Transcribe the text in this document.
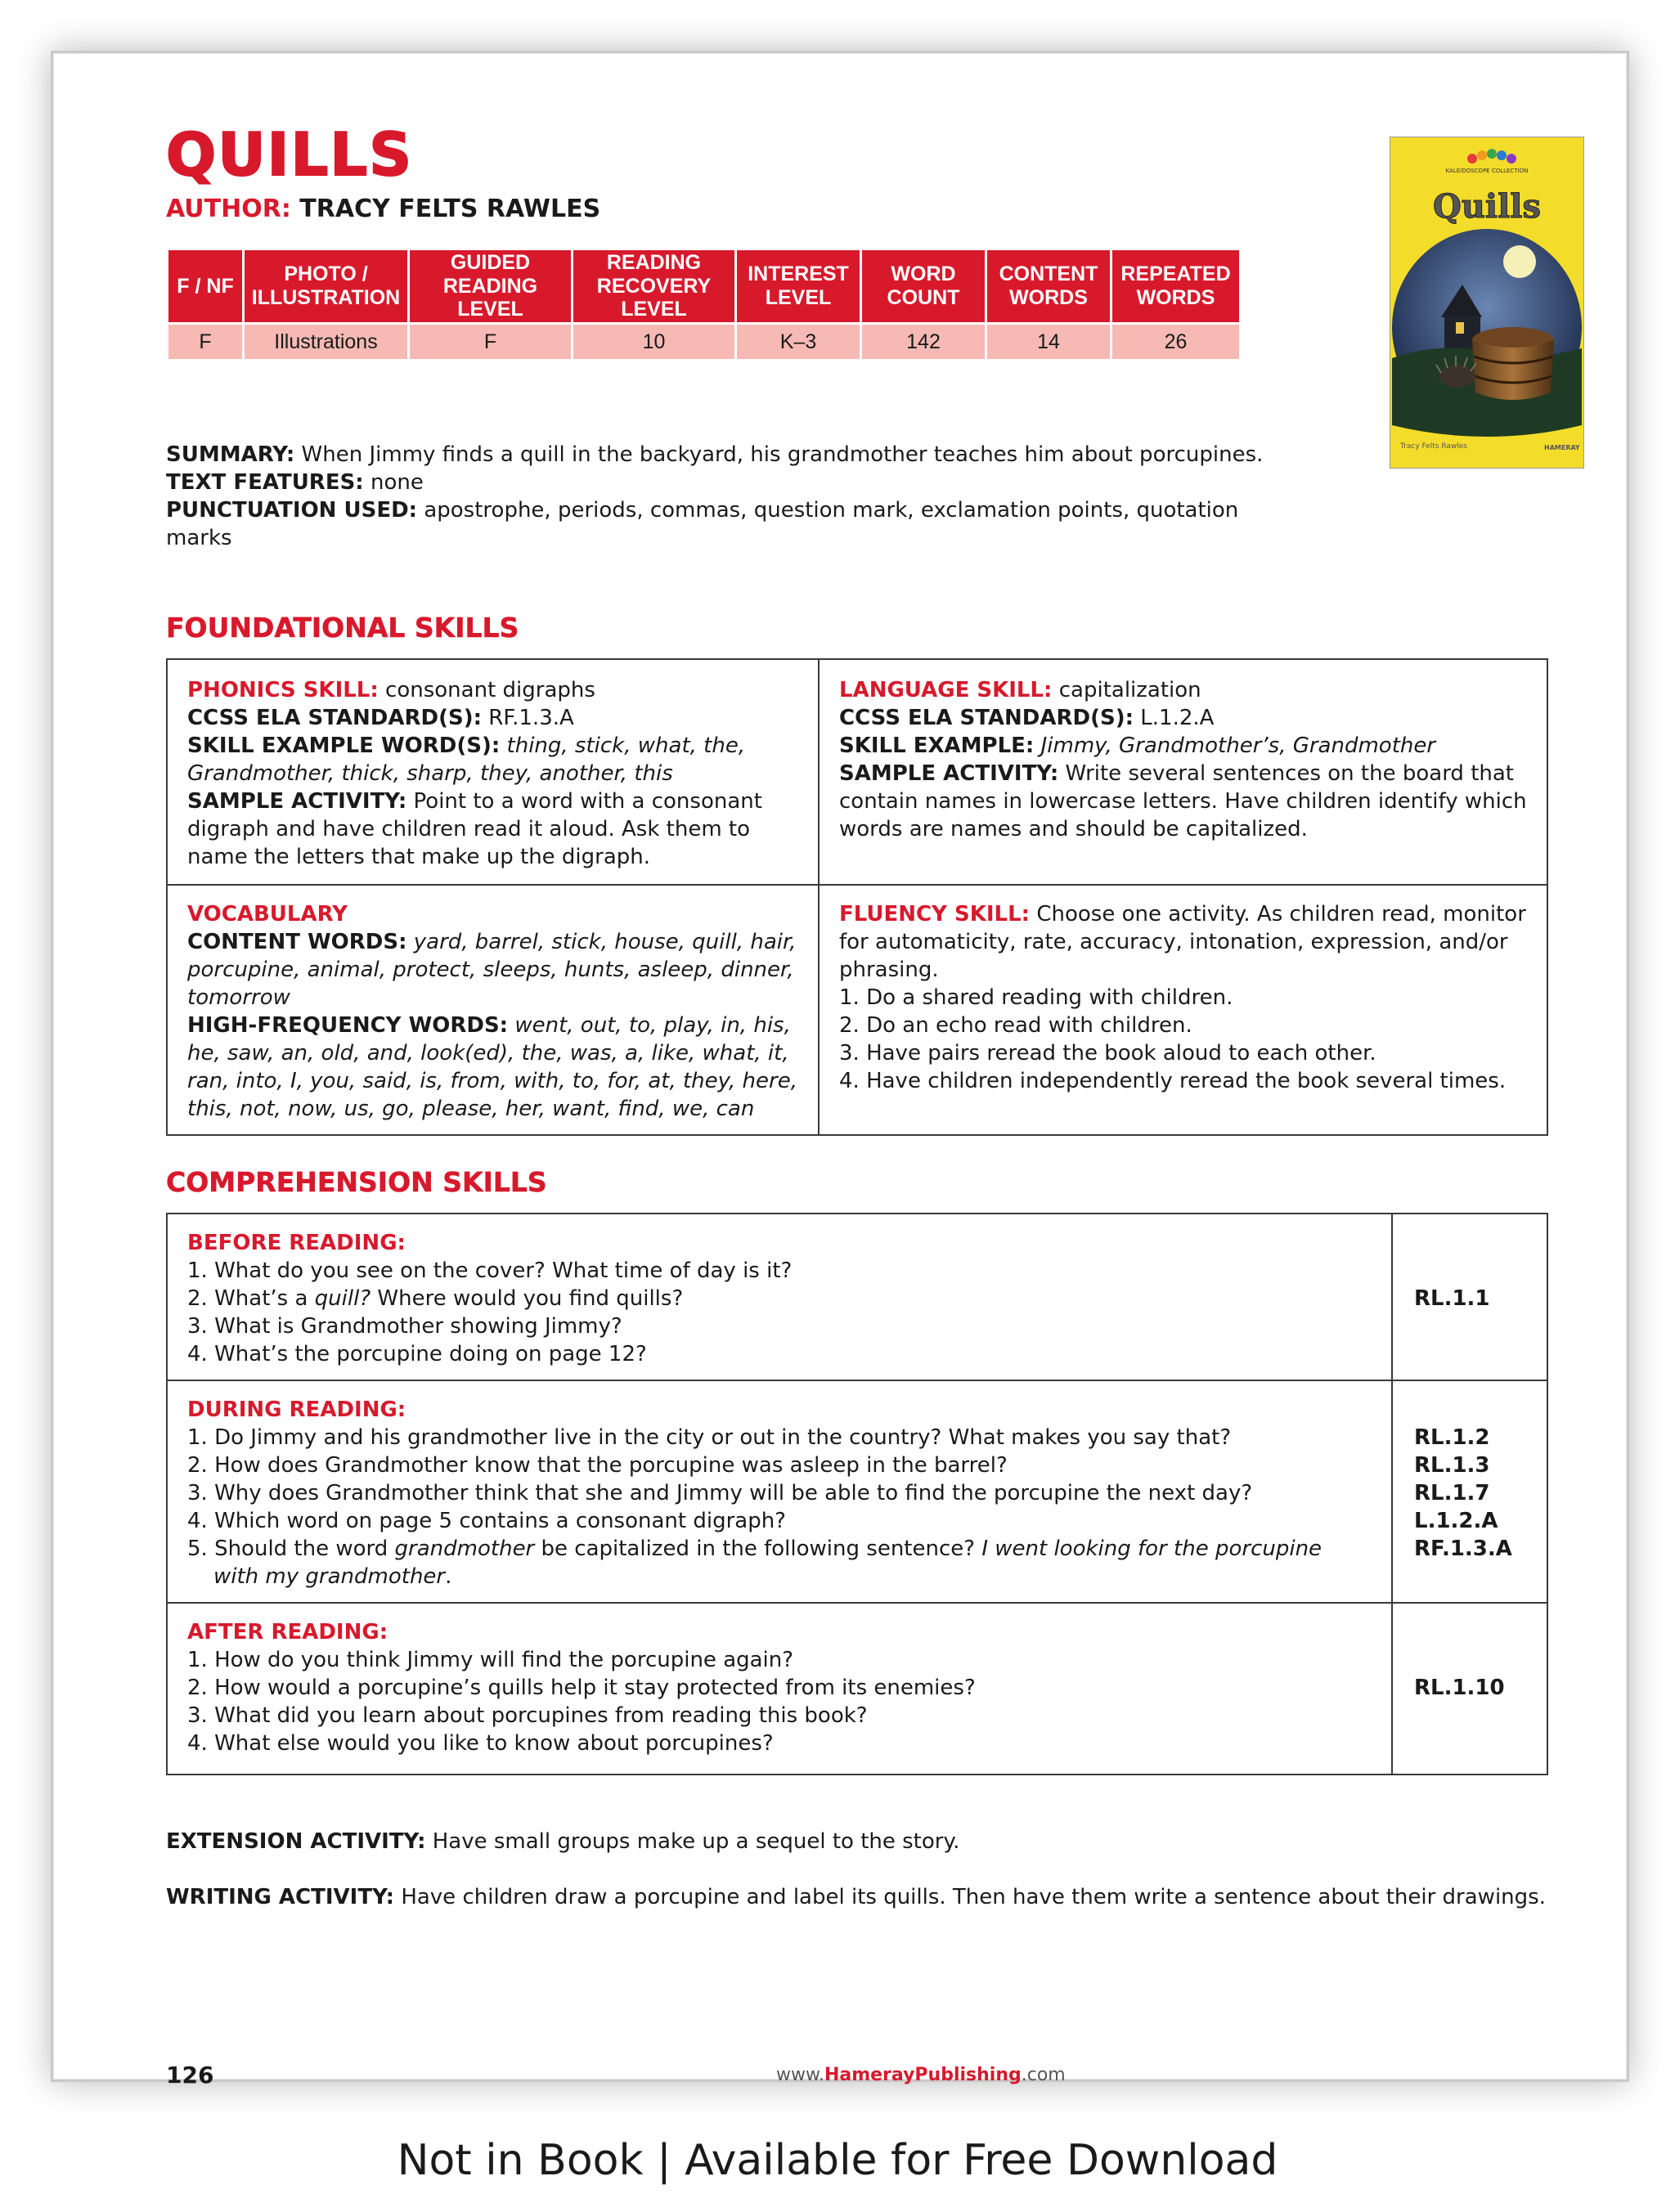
QUILLS
AUTHOR: TRACY FELTS RAWLES
F / NF	PHOTO / ILLUSTRATION	GUIDED READING LEVEL	READING RECOVERY LEVEL	INTEREST LEVEL	WORD COUNT	CONTENT WORDS	REPEATED WORDS
F	Illustrations	F	10	K–3	142	14	26
KALEIDOSCOPE COLLECTION
Quills
Tracy Felts Rawles	HAMERAY
SUMMARY: When Jimmy finds a quill in the backyard, his grandmother teaches him about porcupines.
TEXT FEATURES: none
PUNCTUATION USED: apostrophe, periods, commas, question mark, exclamation points, quotation marks
FOUNDATIONAL SKILLS
PHONICS SKILL: consonant digraphs
CCSS ELA STANDARD(S): RF.1.3.A
SKILL EXAMPLE WORD(S): thing, stick, what, the, Grandmother, thick, sharp, they, another, this
SAMPLE ACTIVITY: Point to a word with a consonant digraph and have children read it aloud. Ask them to name the letters that make up the digraph.
LANGUAGE SKILL: capitalization
CCSS ELA STANDARD(S): L.1.2.A
SKILL EXAMPLE: Jimmy, Grandmother’s, Grandmother
SAMPLE ACTIVITY: Write several sentences on the board that contain names in lowercase letters. Have children identify which words are names and should be capitalized.
VOCABULARY
CONTENT WORDS: yard, barrel, stick, house, quill, hair, porcupine, animal, protect, sleeps, hunts, asleep, dinner, tomorrow
HIGH-FREQUENCY WORDS: went, out, to, play, in, his, he, saw, an, old, and, look(ed), the, was, a, like, what, it, ran, into, I, you, said, is, from, with, to, for, at, they, here, this, not, now, us, go, please, her, want, find, we, can
FLUENCY SKILL: Choose one activity. As children read, monitor for automaticity, rate, accuracy, intonation, expression, and/or phrasing.
1. Do a shared reading with children.
2. Do an echo read with children.
3. Have pairs reread the book aloud to each other.
4. Have children independently reread the book several times.
COMPREHENSION SKILLS
BEFORE READING:
1. What do you see on the cover? What time of day is it?
2. What’s a quill? Where would you find quills?
3. What is Grandmother showing Jimmy?
4. What’s the porcupine doing on page 12?
RL.1.1
DURING READING:
1. Do Jimmy and his grandmother live in the city or out in the country? What makes you say that?
2. How does Grandmother know that the porcupine was asleep in the barrel?
3. Why does Grandmother think that she and Jimmy will be able to find the porcupine the next day?
4. Which word on page 5 contains a consonant digraph?
5. Should the word grandmother be capitalized in the following sentence? I went looking for the porcupine with my grandmother.
RL.1.2
RL.1.3
RL.1.7
L.1.2.A
RF.1.3.A
AFTER READING:
1. How do you think Jimmy will find the porcupine again?
2. How would a porcupine’s quills help it stay protected from its enemies?
3. What did you learn about porcupines from reading this book?
4. What else would you like to know about porcupines?
RL.1.10
EXTENSION ACTIVITY: Have small groups make up a sequel to the story.
WRITING ACTIVITY: Have children draw a porcupine and label its quills. Then have them write a sentence about their drawings.
126	www.HamerayPublishing.com
Not in Book | Available for Free Download
